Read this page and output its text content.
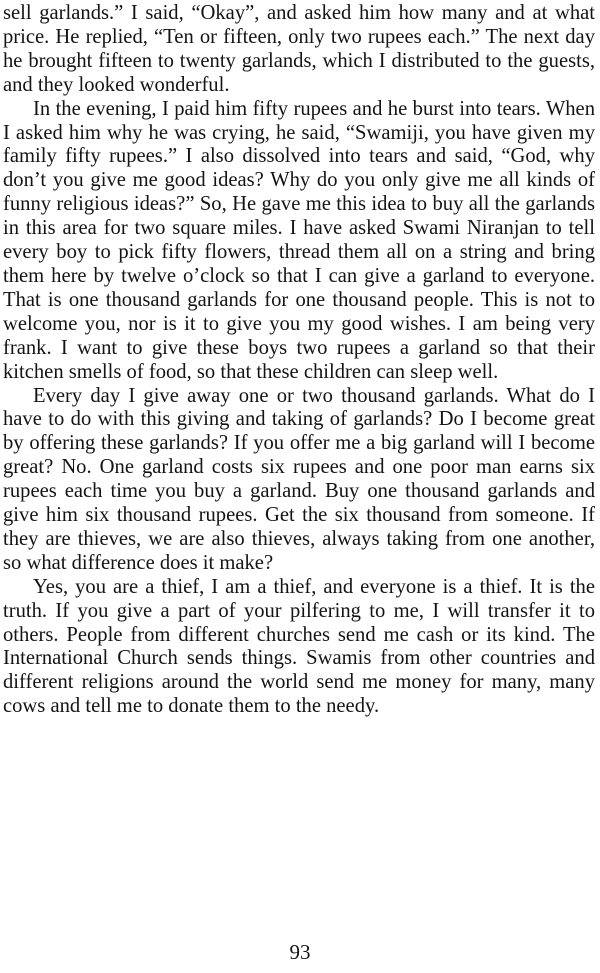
sell garlands.” I said, “Okay”, and asked him how many and at what price. He replied, “Ten or fifteen, only two rupees each.” The next day he brought fifteen to twenty garlands, which I distributed to the guests, and they looked wonderful.

In the evening, I paid him fifty rupees and he burst into tears. When I asked him why he was crying, he said, “Swamiji, you have given my family fifty rupees.” I also dissolved into tears and said, “God, why don’t you give me good ideas? Why do you only give me all kinds of funny religious ideas?” So, He gave me this idea to buy all the garlands in this area for two square miles. I have asked Swami Niranjan to tell every boy to pick fifty flowers, thread them all on a string and bring them here by twelve o’clock so that I can give a garland to everyone. That is one thousand garlands for one thousand people. This is not to welcome you, nor is it to give you my good wishes. I am being very frank. I want to give these boys two rupees a garland so that their kitchen smells of food, so that these children can sleep well.

Every day I give away one or two thousand garlands. What do I have to do with this giving and taking of garlands? Do I become great by offering these garlands? If you offer me a big garland will I become great? No. One garland costs six rupees and one poor man earns six rupees each time you buy a garland. Buy one thousand garlands and give him six thousand rupees. Get the six thousand from someone. If they are thieves, we are also thieves, always taking from one another, so what difference does it make?

Yes, you are a thief, I am a thief, and everyone is a thief. It is the truth. If you give a part of your pilfering to me, I will transfer it to others. People from different churches send me cash or its kind. The International Church sends things. Swamis from other countries and different religions around the world send me money for many, many cows and tell me to donate them to the needy.

93
